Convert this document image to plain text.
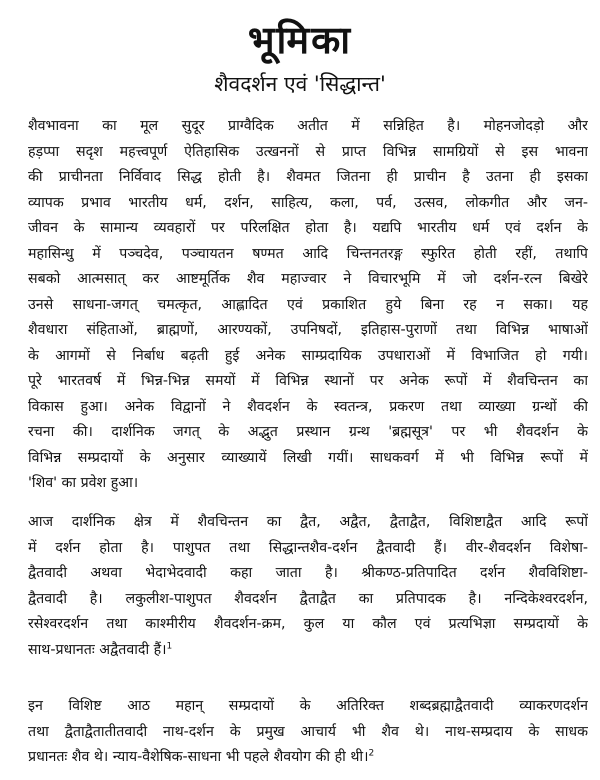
भूमिका
शैवदर्शन एवं 'सिद्धान्त'
शैवभावना का मूल सुदूर प्राग्वैदिक अतीत में सन्निहित है। मोहनजोदड़ो और
हड़प्पा सदृश महत्त्वपूर्ण ऐतिहासिक उत्खननों से प्राप्त विभिन्न सामग्रियों से इस भावना
की प्राचीनता निर्विवाद सिद्ध होती है। शैवमत जितना ही प्राचीन है उतना ही इसका
व्यापक प्रभाव भारतीय धर्म, दर्शन, साहित्य, कला, पर्व, उत्सव, लोकगीत और जन-
जीवन के सामान्य व्यवहारों पर परिलक्षित होता है। यद्यपि भारतीय धर्म एवं दर्शन के
महासिन्धु में पञ्चदेव, पञ्चायतन षण्मत आदि चिन्तनतरङ्ग स्फुरित होती रहीं, तथापि
सबको आत्मसात् कर आष्टमूर्तिक शैव महाज्वार ने विचारभूमि में जो दर्शन-रत्न बिखेरे
उनसे साधना-जगत् चमत्कृत, आह्लादित एवं प्रकाशित हुये बिना रह न सका। यह
शैवधारा संहिताओं, ब्राह्मणों, आरण्यकों, उपनिषदों, इतिहास-पुराणों तथा विभिन्न भाषाओं
के आगमों से निर्बाध बढ़ती हुई अनेक साम्प्रदायिक उपधाराओं में विभाजित हो गयी।
पूरे भारतवर्ष में भिन्न-भिन्न समयों में विभिन्न स्थानों पर अनेक रूपों में शैवचिन्तन का
विकास हुआ। अनेक विद्वानों ने शैवदर्शन के स्वतन्त्र, प्रकरण तथा व्याख्या ग्रन्थों की
रचना की। दार्शनिक जगत् के अद्भुत प्रस्थान ग्रन्थ 'ब्रह्मसूत्र' पर भी शैवदर्शन के
विभिन्न सम्प्रदायों के अनुसार व्याख्यायें लिखी गयीं। साधकवर्ग में भी विभिन्न रूपों में
'शिव' का प्रवेश हुआ।
आज दार्शनिक क्षेत्र में शैवचिन्तन का द्वैत, अद्वैत, द्वैताद्वैत, विशिष्टाद्वैत आदि रूपों
में दर्शन होता है। पाशुपत तथा सिद्धान्तशैव-दर्शन द्वैतवादी हैं। वीर-शैवदर्शन विशेषा-
द्वैतवादी अथवा भेदाभेदवादी कहा जाता है। श्रीकण्ठ-प्रतिपादित दर्शन शैवविशिष्टा-
द्वैतवादी है। लकुलीश-पाशुपत शैवदर्शन द्वैताद्वैत का प्रतिपादक है। नन्दिकेश्वरदर्शन,
रसेश्वरदर्शन तथा काश्मीरीय शैवदर्शन-क्रम, कुल या कौल एवं प्रत्यभिज्ञा सम्प्रदायों के
साथ-प्रधानतः अद्वैतवादी हैं।$^1$
इन विशिष्ट आठ महान् सम्प्रदायों के अतिरिक्त शब्दब्रह्माद्वैतवादी व्याकरणदर्शन
तथा द्वैताद्वैतातीतवादी नाथ-दर्शन के प्रमुख आचार्य भी शैव थे। नाथ-सम्प्रदाय के साधक
प्रधानतः शैव थे। न्याय-वैशेषिक-साधना भी पहले शैवयोग की ही थी।$^2$
